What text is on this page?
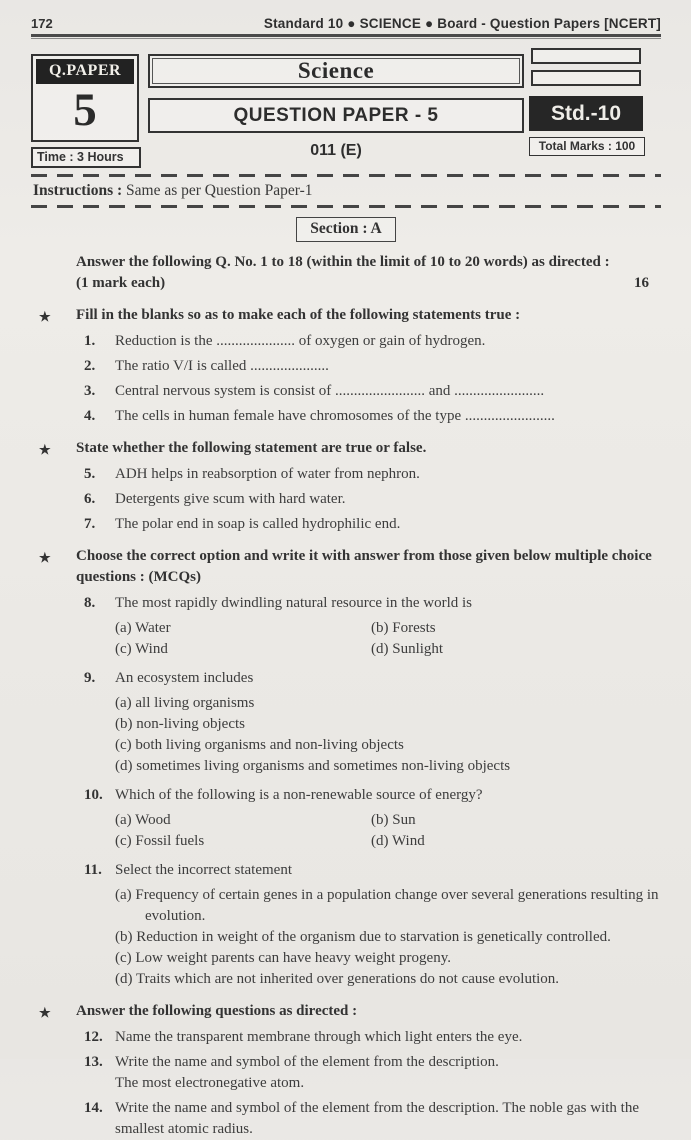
172	Standard 10 ● SCIENCE ● Board - Question Papers [NCERT]
Q.PAPER
5
Time : 3 Hours
Science
QUESTION PAPER - 5
011 (E)
Std.-10
Total Marks : 100
Instructions : Same as per Question Paper-1
Section : A
Answer the following Q. No. 1 to 18 (within the limit of 10 to 20 words) as directed :
(1 mark each)	16
★ Fill in the blanks so as to make each of the following statements true :
1.	Reduction is the ..................... of oxygen or gain of hydrogen.
2.	The ratio V/I is called .....................
3.	Central nervous system is consist of ........................ and ........................
4.	The cells in human female have chromosomes of the type ........................
★ State whether the following statement are true or false.
5.	ADH helps in reabsorption of water from nephron.
6.	Detergents give scum with hard water.
7.	The polar end in soap is called hydrophilic end.
★ Choose the correct option and write it with answer from those given below multiple choice questions : (MCQs)
8.	The most rapidly dwindling natural resource in the world is
(a) Water	(b) Forests
(c) Wind	(d) Sunlight
9.	An ecosystem includes
(a) all living organisms
(b) non-living objects
(c) both living organisms and non-living objects
(d) sometimes living organisms and sometimes non-living objects
10. Which of the following is a non-renewable source of energy?
(a) Wood	(b) Sun
(c) Fossil fuels	(d) Wind
11. Select the incorrect statement
(a) Frequency of certain genes in a population change over several generations resulting in evolution.
(b) Reduction in weight of the organism due to starvation is genetically controlled.
(c) Low weight parents can have heavy weight progeny.
(d) Traits which are not inherited over generations do not cause evolution.
★ Answer the following questions as directed :
12. Name the transparent membrane through which light enters the eye.
13. Write the name and symbol of the element from the description.
The most electronegative atom.
14. Write the name and symbol of the element from the description. The noble gas with the smallest atomic radius.
